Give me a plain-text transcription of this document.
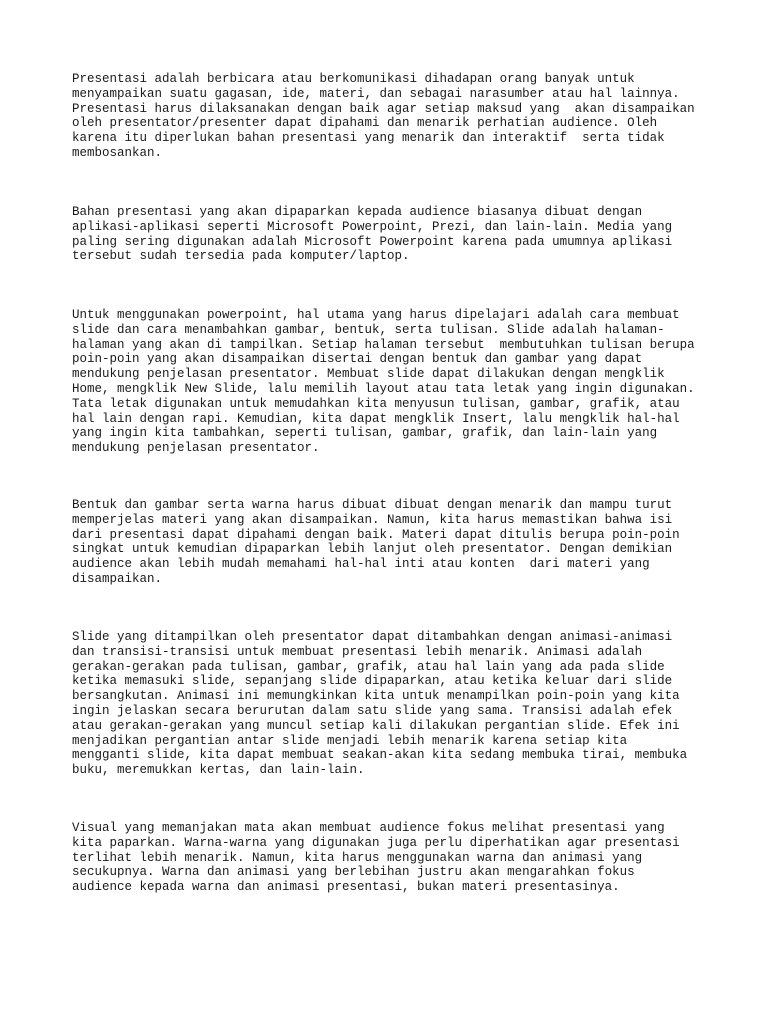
Presentasi adalah berbicara atau berkomunikasi dihadapan orang banyak untuk
menyampaikan suatu gagasan, ide, materi, dan sebagai narasumber atau hal lainnya.
Presentasi harus dilaksanakan dengan baik agar setiap maksud yang  akan disampaikan
oleh presentator/presenter dapat dipahami dan menarik perhatian audience. Oleh
karena itu diperlukan bahan presentasi yang menarik dan interaktif  serta tidak
membosankan.

Bahan presentasi yang akan dipaparkan kepada audience biasanya dibuat dengan
aplikasi-aplikasi seperti Microsoft Powerpoint, Prezi, dan lain-lain. Media yang
paling sering digunakan adalah Microsoft Powerpoint karena pada umumnya aplikasi
tersebut sudah tersedia pada komputer/laptop.

Untuk menggunakan powerpoint, hal utama yang harus dipelajari adalah cara membuat
slide dan cara menambahkan gambar, bentuk, serta tulisan. Slide adalah halaman-
halaman yang akan di tampilkan. Setiap halaman tersebut  membutuhkan tulisan berupa
poin-poin yang akan disampaikan disertai dengan bentuk dan gambar yang dapat
mendukung penjelasan presentator. Membuat slide dapat dilakukan dengan mengklik
Home, mengklik New Slide, lalu memilih layout atau tata letak yang ingin digunakan.
Tata letak digunakan untuk memudahkan kita menyusun tulisan, gambar, grafik, atau
hal lain dengan rapi. Kemudian, kita dapat mengklik Insert, lalu mengklik hal-hal
yang ingin kita tambahkan, seperti tulisan, gambar, grafik, dan lain-lain yang
mendukung penjelasan presentator.

Bentuk dan gambar serta warna harus dibuat dibuat dengan menarik dan mampu turut
memperjelas materi yang akan disampaikan. Namun, kita harus memastikan bahwa isi
dari presentasi dapat dipahami dengan baik. Materi dapat ditulis berupa poin-poin
singkat untuk kemudian dipaparkan lebih lanjut oleh presentator. Dengan demikian
audience akan lebih mudah memahami hal-hal inti atau konten  dari materi yang
disampaikan.

Slide yang ditampilkan oleh presentator dapat ditambahkan dengan animasi-animasi
dan transisi-transisi untuk membuat presentasi lebih menarik. Animasi adalah
gerakan-gerakan pada tulisan, gambar, grafik, atau hal lain yang ada pada slide
ketika memasuki slide, sepanjang slide dipaparkan, atau ketika keluar dari slide
bersangkutan. Animasi ini memungkinkan kita untuk menampilkan poin-poin yang kita
ingin jelaskan secara berurutan dalam satu slide yang sama. Transisi adalah efek
atau gerakan-gerakan yang muncul setiap kali dilakukan pergantian slide. Efek ini
menjadikan pergantian antar slide menjadi lebih menarik karena setiap kita
mengganti slide, kita dapat membuat seakan-akan kita sedang membuka tirai, membuka
buku, meremukkan kertas, dan lain-lain.

Visual yang memanjakan mata akan membuat audience fokus melihat presentasi yang
kita paparkan. Warna-warna yang digunakan juga perlu diperhatikan agar presentasi
terlihat lebih menarik. Namun, kita harus menggunakan warna dan animasi yang
secukupnya. Warna dan animasi yang berlebihan justru akan mengarahkan fokus
audience kepada warna dan animasi presentasi, bukan materi presentasinya.
